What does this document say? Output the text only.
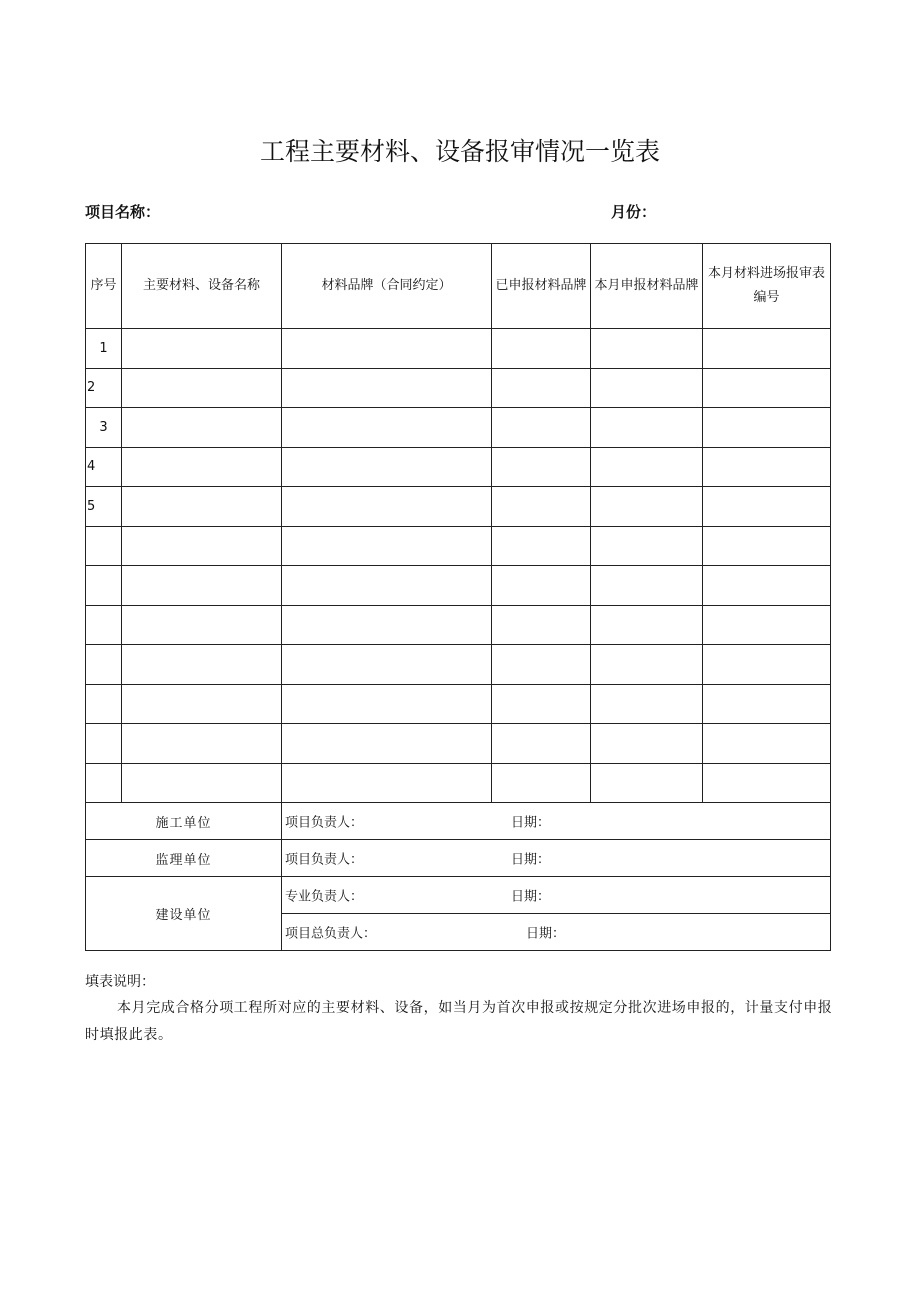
工程主要材料、设备报审情况一览表
项目名称：	月份：
序号	主要材料、设备名称	材料品牌（合同约定）	已申报材料品牌	本月申报材料品牌	本月材料进场报审表编号
1					
2					
3					
4					
5					

施工单位		项目负责人： 日期：			

监理单位		项目负责人： 日期：			

建设单位		专业负责人： 日期：			

		项目总负责人： 日期：			
填表说明：
本月完成合格分项工程所对应的主要材料、设备，如当月为首次申报或按规定分批次进场申报的，计量支付申报时填报此表。
